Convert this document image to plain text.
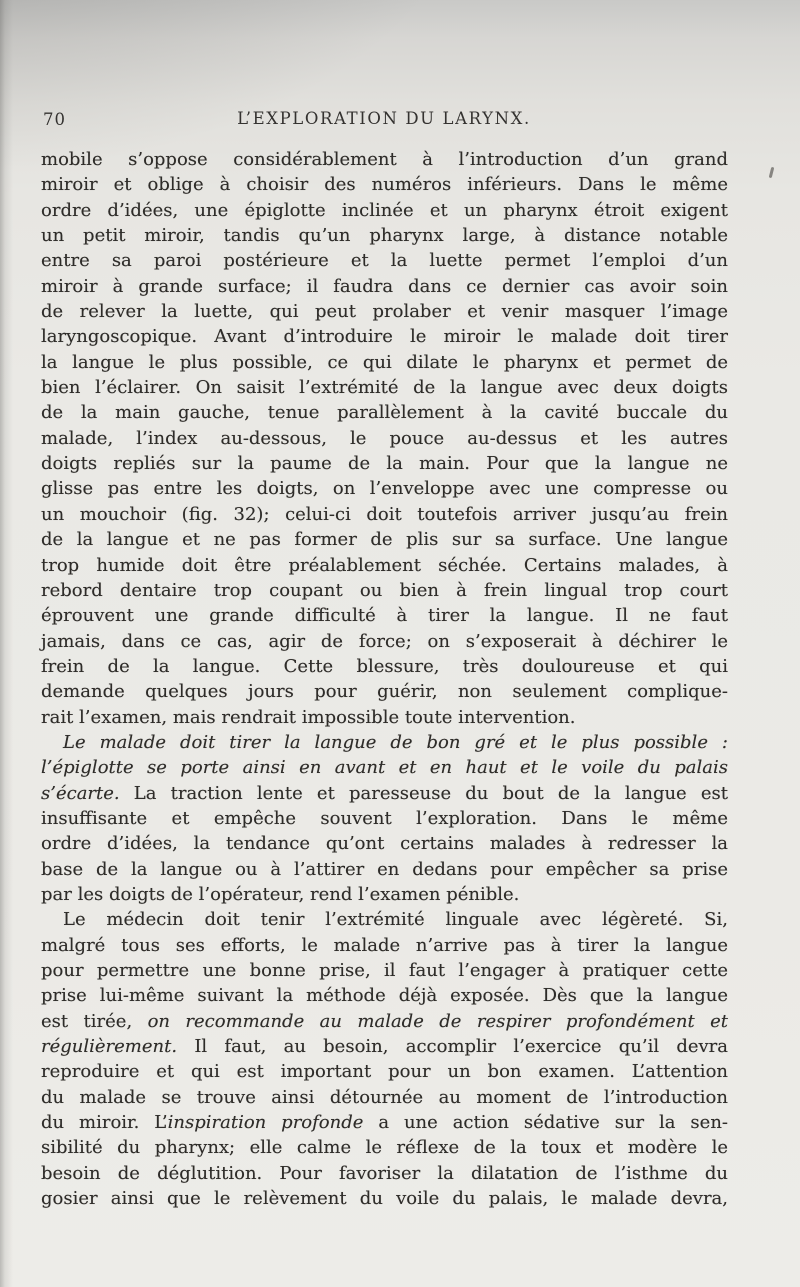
70	L’EXPLORATION DU LARYNX.
mobile s’oppose considérablement à l’introduction d’un grand
miroir et oblige à choisir des numéros inférieurs. Dans le même
ordre d’idées, une épiglotte inclinée et un pharynx étroit exigent
un petit miroir, tandis qu’un pharynx large, à distance notable
entre sa paroi postérieure et la luette permet l’emploi d’un
miroir à grande surface; il faudra dans ce dernier cas avoir soin
de relever la luette, qui peut prolaber et venir masquer l’image
laryngoscopique. Avant d’introduire le miroir le malade doit tirer
la langue le plus possible, ce qui dilate le pharynx et permet de
bien l’éclairer. On saisit l’extrémité de la langue avec deux doigts
de la main gauche, tenue parallèlement à la cavité buccale du
malade, l’index au-dessous, le pouce au-dessus et les autres
doigts repliés sur la paume de la main. Pour que la langue ne
glisse pas entre les doigts, on l’enveloppe avec une compresse ou
un mouchoir (fig. 32); celui-ci doit toutefois arriver jusqu’au frein
de la langue et ne pas former de plis sur sa surface. Une langue
trop humide doit être préalablement séchée. Certains malades, à
rebord dentaire trop coupant ou bien à frein lingual trop court
éprouvent une grande difficulté à tirer la langue. Il ne faut
jamais, dans ce cas, agir de force; on s’exposerait à déchirer le
frein de la langue. Cette blessure, très douloureuse et qui
demande quelques jours pour guérir, non seulement complique-
rait l’examen, mais rendrait impossible toute intervention.
Le malade doit tirer la langue de bon gré et le plus possible :
l’épiglotte se porte ainsi en avant et en haut et le voile du palais
s’écarte. La traction lente et paresseuse du bout de la langue est
insuffisante et empêche souvent l’exploration. Dans le même
ordre d’idées, la tendance qu’ont certains malades à redresser la
base de la langue ou à l’attirer en dedans pour empêcher sa prise
par les doigts de l’opérateur, rend l’examen pénible.
Le médecin doit tenir l’extrémité linguale avec légèreté. Si,
malgré tous ses efforts, le malade n’arrive pas à tirer la langue
pour permettre une bonne prise, il faut l’engager à pratiquer cette
prise lui-même suivant la méthode déjà exposée. Dès que la langue
est tirée, on recommande au malade de respirer profondément et
régulièrement. Il faut, au besoin, accomplir l’exercice qu’il devra
reproduire et qui est important pour un bon examen. L’attention
du malade se trouve ainsi détournée au moment de l’introduction
du miroir. L’inspiration profonde a une action sédative sur la sen-
sibilité du pharynx; elle calme le réflexe de la toux et modère le
besoin de déglutition. Pour favoriser la dilatation de l’isthme du
gosier ainsi que le relèvement du voile du palais, le malade devra,
